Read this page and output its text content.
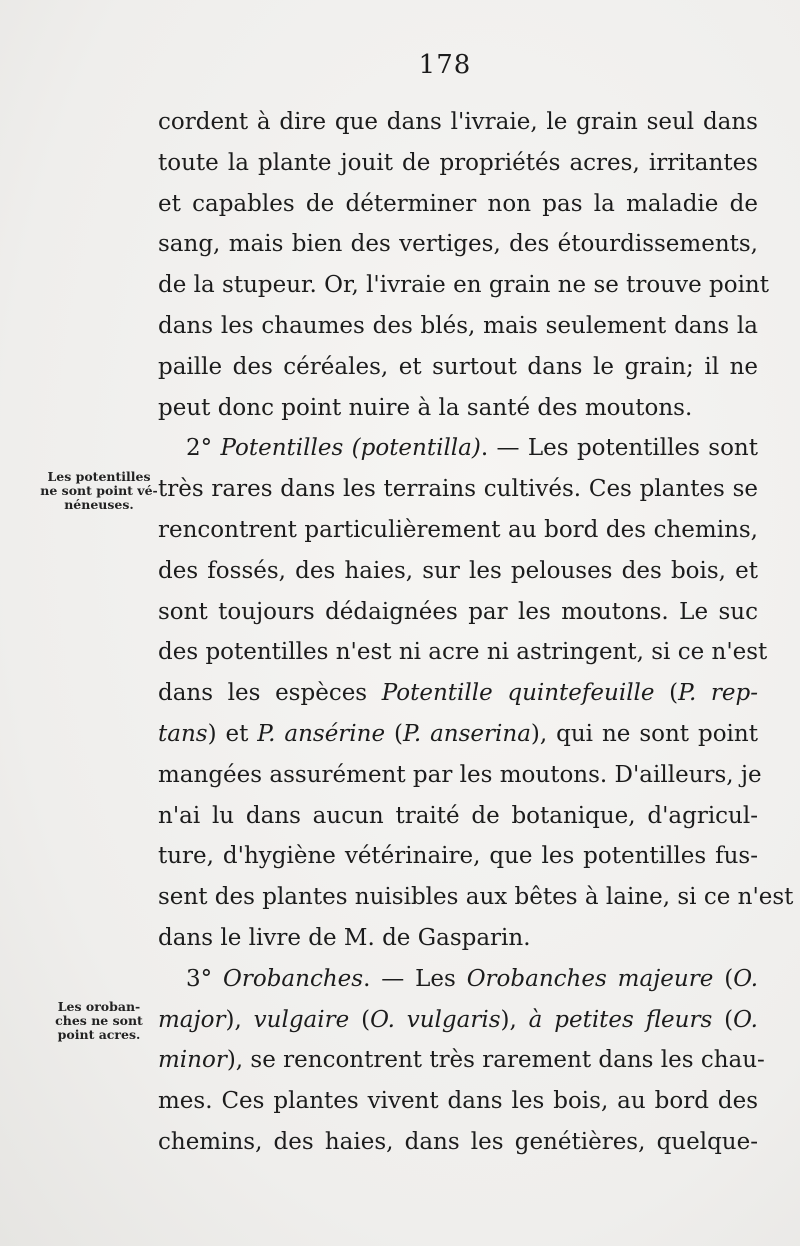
178
cordent à dire que dans l'ivraie, le grain seul dans
toute la plante jouit de propriétés acres, irritantes
et capables de déterminer non pas la maladie de
sang, mais bien des vertiges, des étourdissements,
de la stupeur. Or, l'ivraie en grain ne se trouve point
dans les chaumes des blés, mais seulement dans la
paille des céréales, et surtout dans le grain; il ne
peut donc point nuire à la santé des moutons.
2° Potentilles (potentilla). — Les potentilles sont
très rares dans les terrains cultivés. Ces plantes se
rencontrent particulièrement au bord des chemins,
des fossés, des haies, sur les pelouses des bois, et
sont toujours dédaignées par les moutons. Le suc
des potentilles n'est ni acre ni astringent, si ce n'est
dans les espèces Potentille quintefeuille (P. rep-
tans) et P. ansérine (P. anserina), qui ne sont point
mangées assurément par les moutons. D'ailleurs, je
n'ai lu dans aucun traité de botanique, d'agricul-
ture, d'hygiène vétérinaire, que les potentilles fus-
sent des plantes nuisibles aux bêtes à laine, si ce n'est
dans le livre de M. de Gasparin.
3° Orobanches. — Les Orobanches majeure (O.
major), vulgaire (O. vulgaris), à petites fleurs (O.
minor), se rencontrent très rarement dans les chau-
mes. Ces plantes vivent dans les bois, au bord des
chemins, des haies, dans les genétières, quelque-
Les potentilles
ne sont point vé-
néneuses.
Les oroban-
ches ne sont
point acres.
